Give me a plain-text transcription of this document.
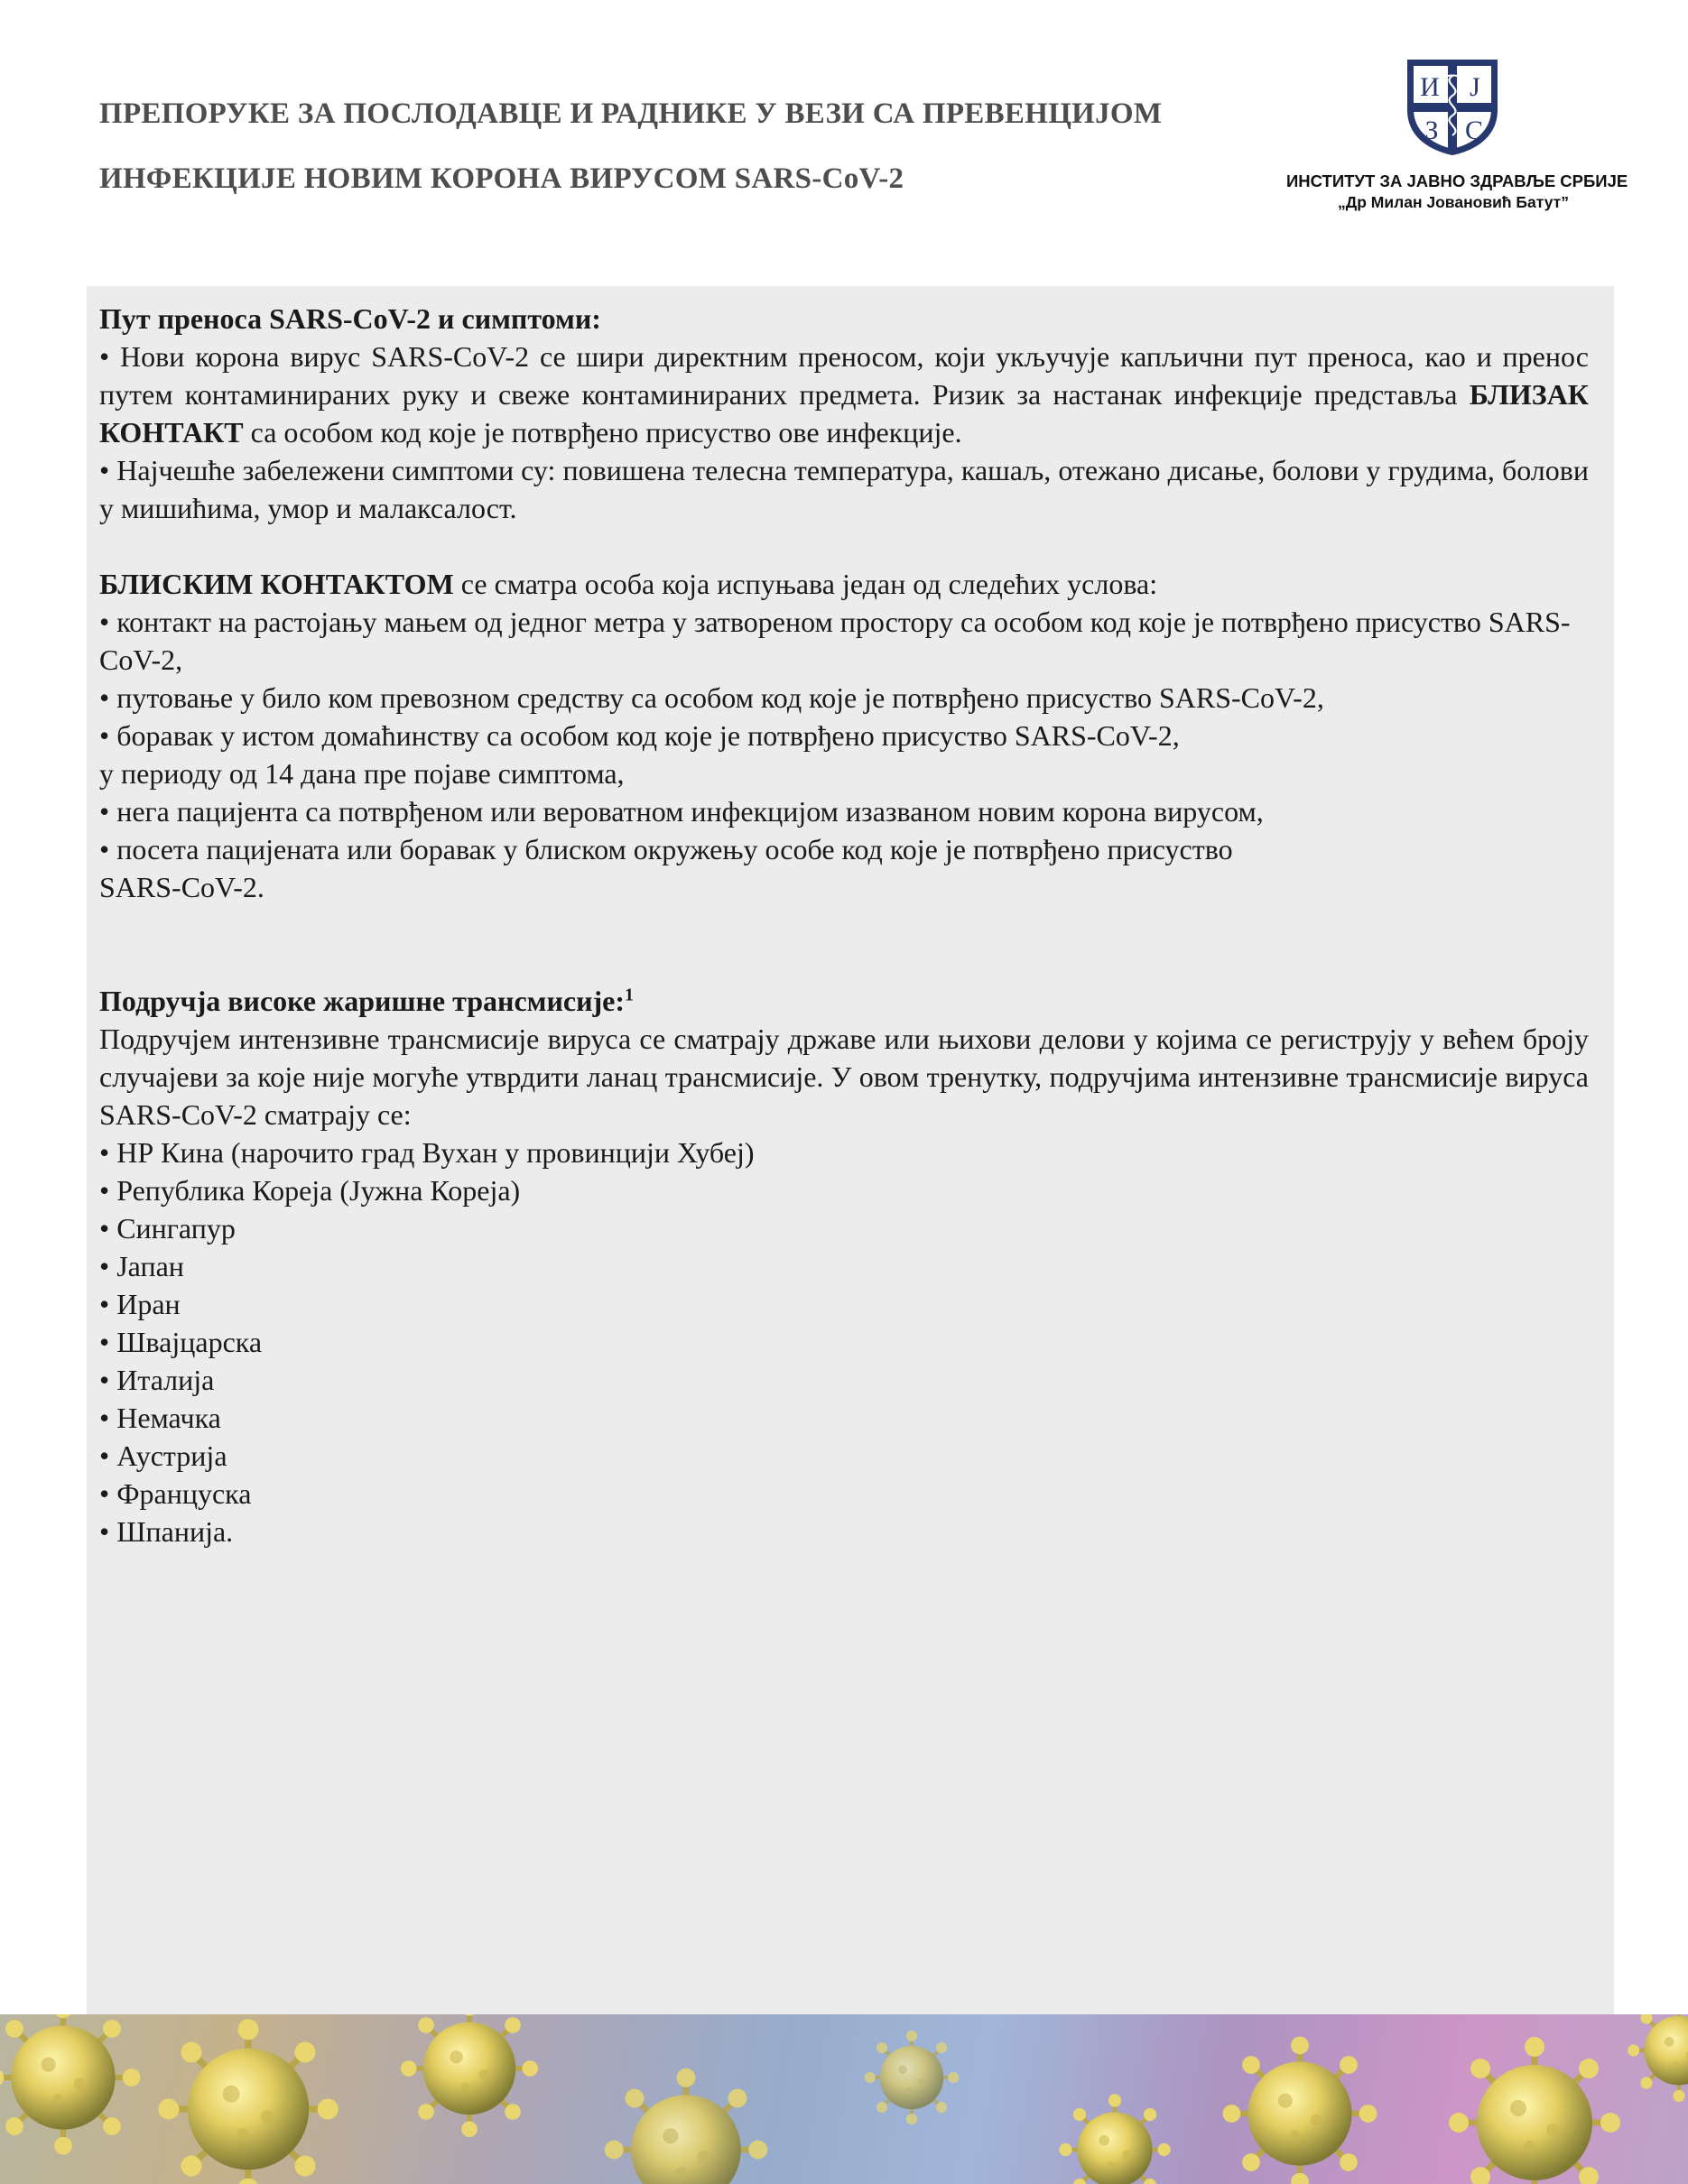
ПРЕПОРУКЕ ЗА ПОСЛОДАВЦЕ И РАДНИКЕ У ВЕЗИ СА ПРЕВЕНЦИЈОМ
ИНФЕКЦИЈЕ НОВИМ КОРОНА ВИРУСОМ SARS-CoV-2
И Ј
З С
ИНСТИТУТ ЗА ЈАВНО ЗДРАВЉЕ СРБИЈЕ
„Др Милан Јовановић Батут”

Пут преноса SARS-CoV-2 и симптоми:

• Нови корона вирус SARS-CoV-2 се шири директним преносом, који укључује капљични пут преноса, као и пренос путем контаминираних руку и свеже контаминираних предмета. Ризик за настанак инфекције представља БЛИЗАК КОНТАКТ са особом код које је потврђено присуство ове инфекције.

• Најчешће забележени симптоми су: повишена телесна температура, кашаљ, отежано дисање, болови у грудима, болови у мишићима, умор и малаксалост.

БЛИСКИМ КОНТАКТОМ се сматра особа која испуњава један од следећих услова:

• контакт на растојању мањем од једног метра у затвореном простору са особом код које је потврђено присуство SARS-CoV-2,

• путовање у било ком превозном средству са особом код које је потврђено присуство SARS-CoV-2,

• боравак у истом домаћинству са особом код које је потврђено присуство SARS-CoV-2,

у периоду од 14 дана пре појаве симптома,

• нега пацијента са потврђеном или вероватном инфекцијом изазваном новим корона вирусом,

• посета пацијената или боравак у блиском окружењу особе код које је потврђено присуство

SARS-CoV-2.

Подручја високе жаришне трансмисије:$^1$

Подручјем интензивне трансмисије вируса се сматрају државе или њихови делови у којима се региструју у већем броју случајеви за које није могуће утврдити ланац трансмисије. У овом тренутку, подручјима интензивне трансмисије вируса SARS-CoV-2 сматрају се:

• НР Кина (нарочито град Вухан у провинцији Хубеј)

• Република Кореја (Јужна Кореја)

• Сингапур

• Јапан

• Иран

• Швајцарска

• Италија

• Немачка

• Аустрија

• Француска

• Шпанија.
